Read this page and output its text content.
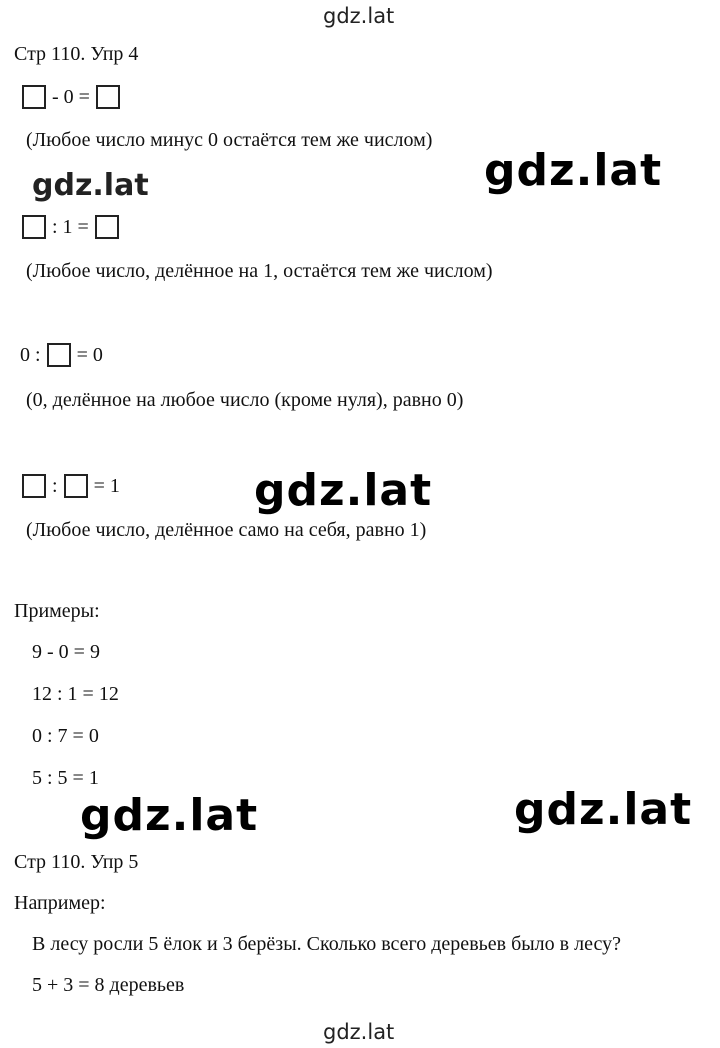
gdz.lat
Стр 110. Упр 4
- 0 =
(Любое число минус 0 остаётся тем же числом)
gdz.lat	gdz.lat
: 1 =
(Любое число, делённое на 1, остаётся тем же числом)
0 : = 0
(0, делённое на любое число (кроме нуля), равно 0)
: = 1	gdz.lat
(Любое число, делённое само на себя, равно 1)
Примеры:
9 - 0 = 9
12 : 1 = 12
0 : 7 = 0
5 : 5 = 1
gdz.lat	gdz.lat
Стр 110. Упр 5
Например:
В лесу росли 5 ёлок и 3 берёзы. Сколько всего деревьев было в лесу?
5 + 3 = 8 деревьев
gdz.lat
